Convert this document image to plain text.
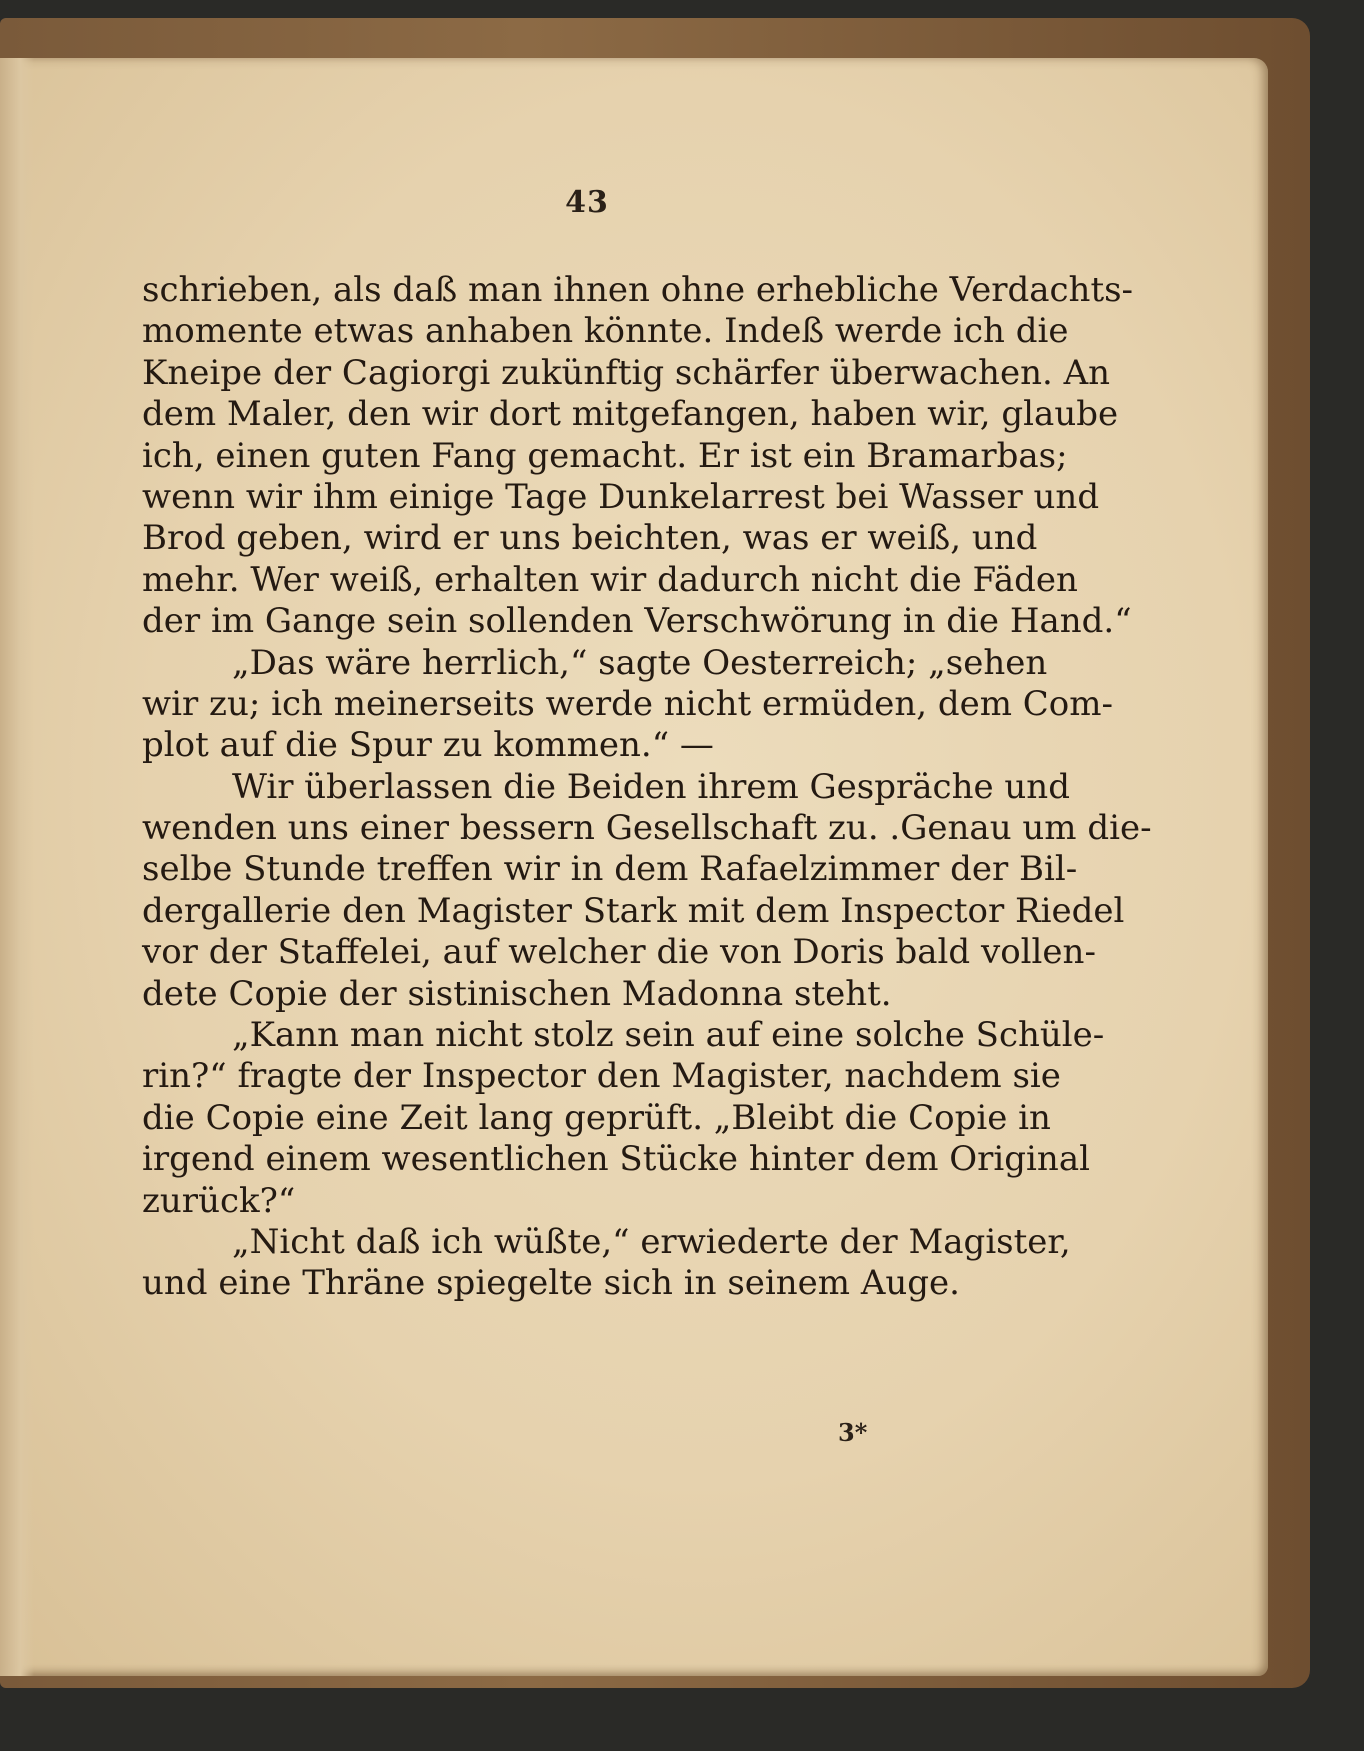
43
schrieben, als daß man ihnen ohne erhebliche Verdachts-
momente etwas anhaben könnte. Indeß werde ich die
Kneipe der Cagiorgi zukünftig schärfer überwachen. An
dem Maler, den wir dort mitgefangen, haben wir, glaube
ich, einen guten Fang gemacht. Er ist ein Bramarbas;
wenn wir ihm einige Tage Dunkelarrest bei Wasser und
Brod geben, wird er uns beichten, was er weiß, und
mehr. Wer weiß, erhalten wir dadurch nicht die Fäden
der im Gange sein sollenden Verschwörung in die Hand.“
„Das wäre herrlich,“ sagte Oesterreich; „sehen
wir zu; ich meinerseits werde nicht ermüden, dem Com-
plot auf die Spur zu kommen.“ —
Wir überlassen die Beiden ihrem Gespräche und
wenden uns einer bessern Gesellschaft zu. .Genau um die-
selbe Stunde treffen wir in dem Rafaelzimmer der Bil-
dergallerie den Magister Stark mit dem Inspector Riedel
vor der Staffelei, auf welcher die von Doris bald vollen-
dete Copie der sistinischen Madonna steht.
„Kann man nicht stolz sein auf eine solche Schüle-
rin?“ fragte der Inspector den Magister, nachdem sie
die Copie eine Zeit lang geprüft. „Bleibt die Copie in
irgend einem wesentlichen Stücke hinter dem Original
zurück?“
„Nicht daß ich wüßte,“ erwiederte der Magister,
und eine Thräne spiegelte sich in seinem Auge.
3*
